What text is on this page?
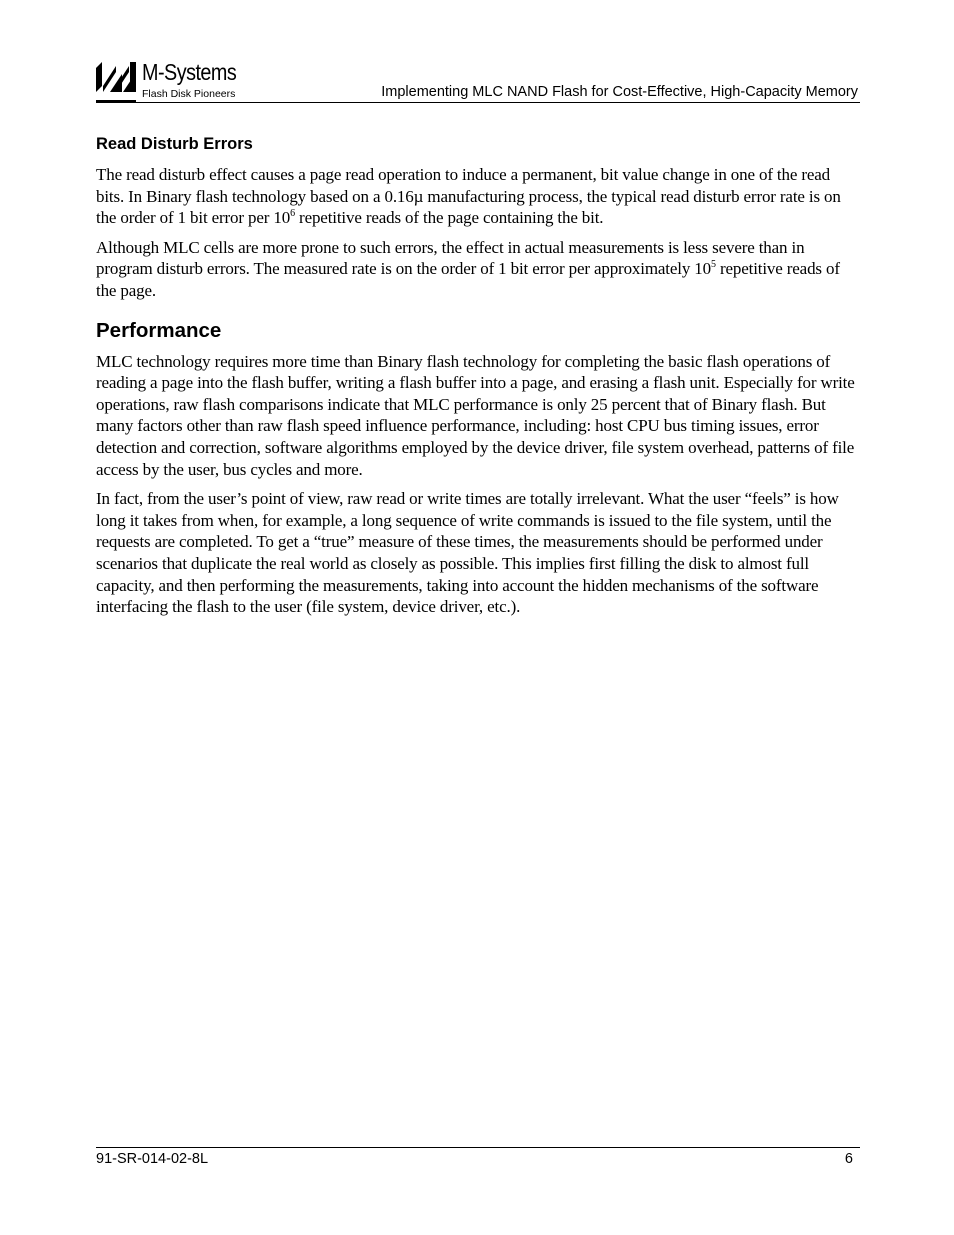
M-Systems
Flash Disk Pioneers	Implementing MLC NAND Flash for Cost-Effective, High-Capacity Memory
Read Disturb Errors

The read disturb effect causes a page read operation to induce a permanent, bit value change in one of the read bits. In Binary flash technology based on a 0.16µ manufacturing process, the typical read disturb error rate is on the order of 1 bit error per $10^6$ repetitive reads of the page containing the bit.

Although MLC cells are more prone to such errors, the effect in actual measurements is less severe than in program disturb errors. The measured rate is on the order of 1 bit error per approximately $10^5$ repetitive reads of the page.

Performance

MLC technology requires more time than Binary flash technology for completing the basic flash operations of reading a page into the flash buffer, writing a flash buffer into a page, and erasing a flash unit. Especially for write operations, raw flash comparisons indicate that MLC performance is only 25 percent that of Binary flash. But many factors other than raw flash speed influence performance, including: host CPU bus timing issues, error detection and correction, software algorithms employed by the device driver, file system overhead, patterns of file access by the user, bus cycles and more.

In fact, from the user’s point of view, raw read or write times are totally irrelevant. What the user “feels” is how long it takes from when, for example, a long sequence of write commands is issued to the file system, until the requests are completed. To get a “true” measure of these times, the measurements should be performed under scenarios that duplicate the real world as closely as possible. This implies first filling the disk to almost full capacity, and then performing the measurements, taking into account the hidden mechanisms of the software interfacing the flash to the user (file system, device driver, etc.).

91-SR-014-02-8L	6
